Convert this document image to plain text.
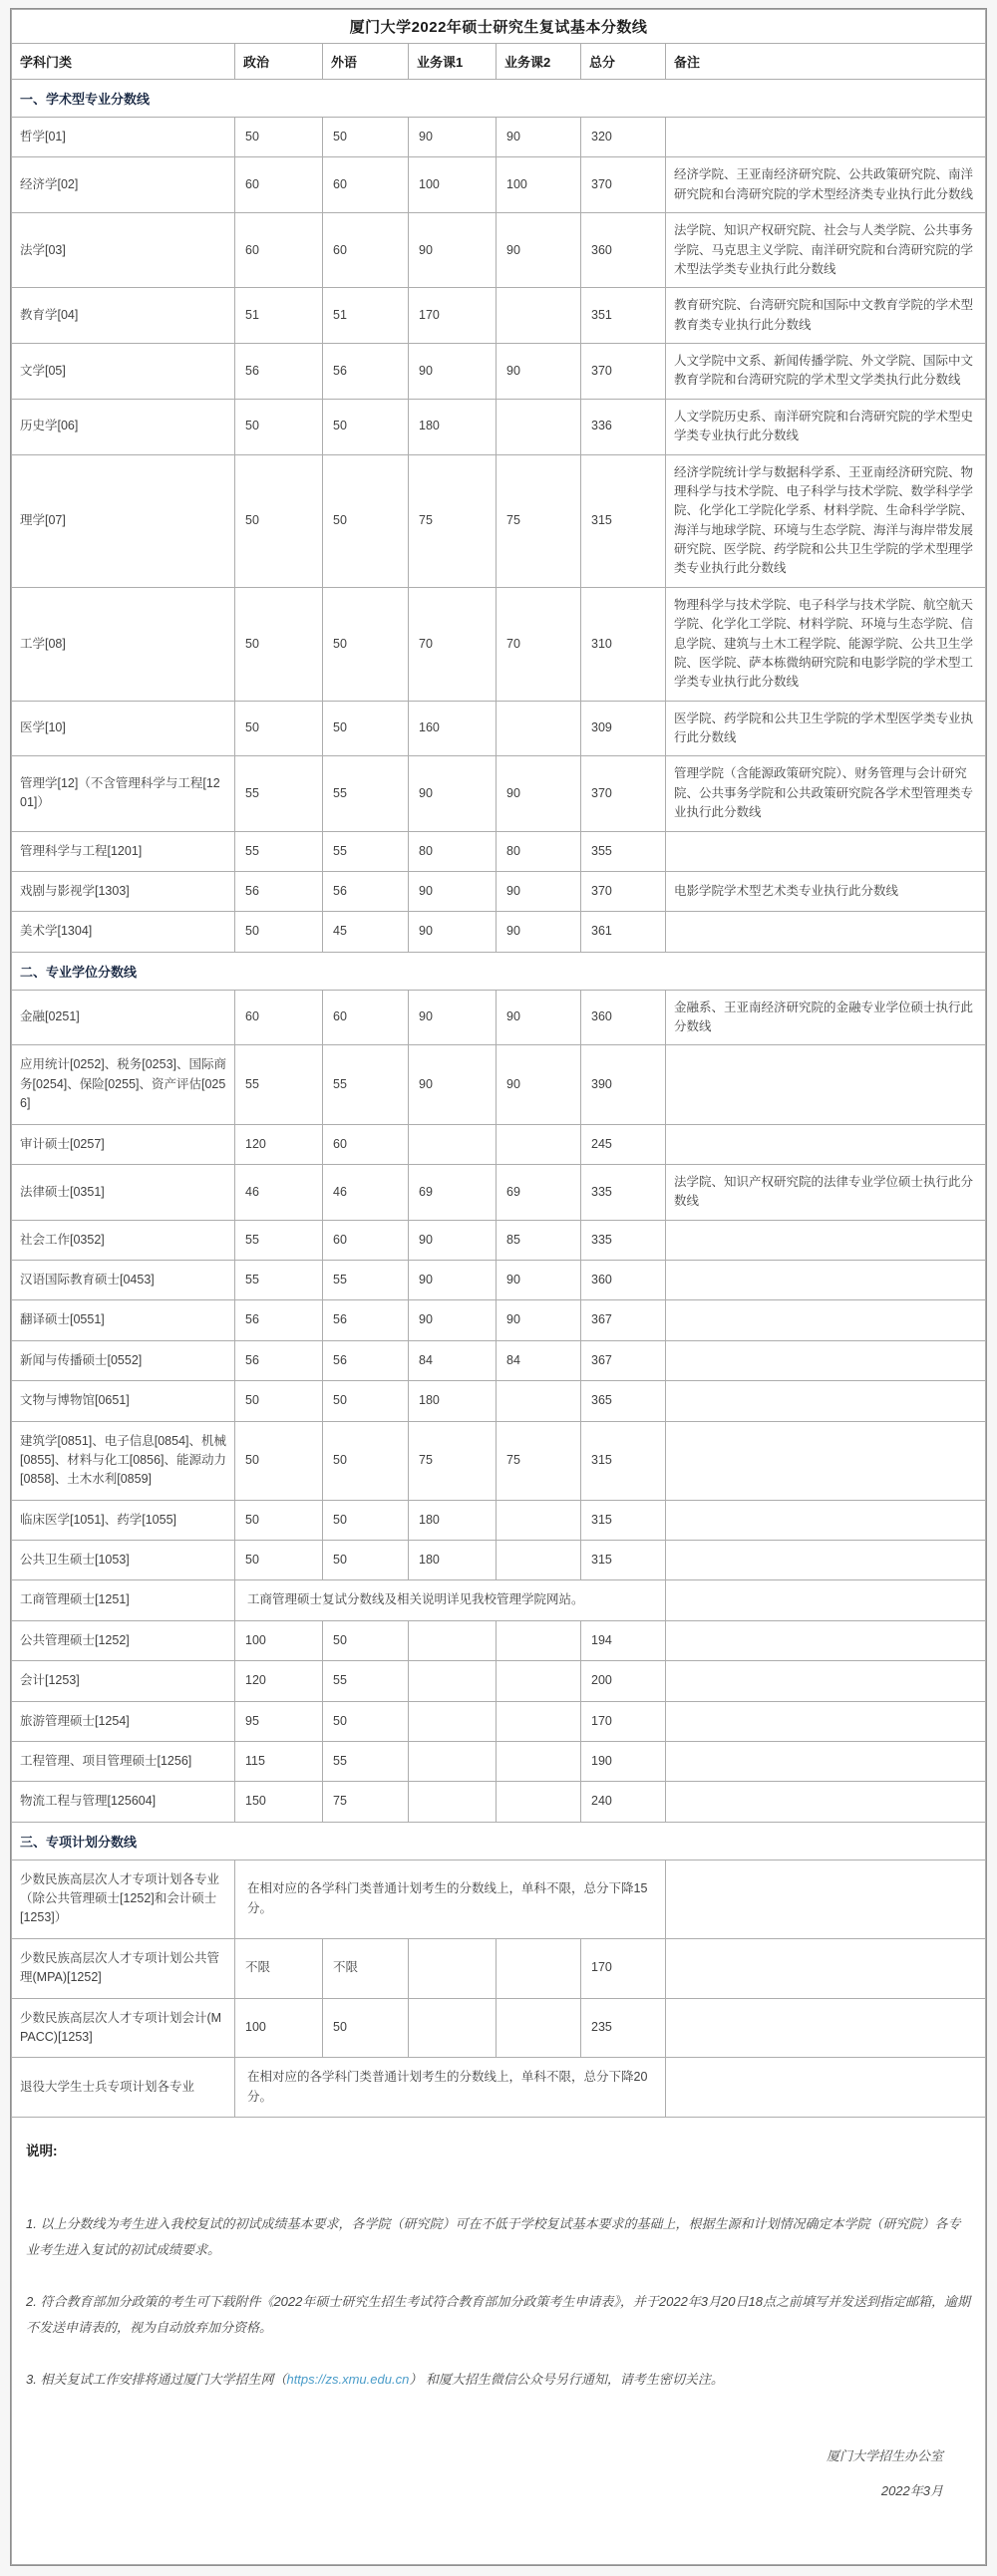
厦门大学2022年硕士研究生复试基本分数线						
学科门类	政治	外语	业务课1	业务课2	总分	备注
一、学术型专业分数线						
哲学[01]	50	50	90	90	320	
经济学[02]	60	60	100	100	370	经济学院、王亚南经济研究院、公共政策研究院、南洋研究院和台湾研究院的学术型经济类专业执行此分数线
法学[03]	60	60	90	90	360	法学院、知识产权研究院、社会与人类学院、公共事务学院、马克思主义学院、南洋研究院和台湾研究院的学术型法学类专业执行此分数线
教育学[04]	51	51	170		351	教育研究院、台湾研究院和国际中文教育学院的学术型教育类专业执行此分数线
文学[05]	56	56	90	90	370	人文学院中文系、新闻传播学院、外文学院、国际中文教育学院和台湾研究院的学术型文学类执行此分数线
历史学[06]	50	50	180		336	人文学院历史系、南洋研究院和台湾研究院的学术型史学类专业执行此分数线
理学[07]	50	50	75	75	315	经济学院统计学与数据科学系、王亚南经济研究院、物理科学与技术学院、电子科学与技术学院、数学科学学院、化学化工学院化学系、材料学院、生命科学学院、海洋与地球学院、环境与生态学院、海洋与海岸带发展研究院、医学院、药学院和公共卫生学院的学术型理学类专业执行此分数线
工学[08]	50	50	70	70	310	物理科学与技术学院、电子科学与技术学院、航空航天学院、化学化工学院、材料学院、环境与生态学院、信息学院、建筑与土木工程学院、能源学院、公共卫生学院、医学院、萨本栋微纳研究院和电影学院的学术型工学类专业执行此分数线
医学[10]	50	50	160		309	医学院、药学院和公共卫生学院的学术型医学类专业执行此分数线
管理学[12]（不含管理科学与工程[1201]）	55	55	90	90	370	管理学院（含能源政策研究院）、财务管理与会计研究院、公共事务学院和公共政策研究院各学术型管理类专业执行此分数线
管理科学与工程[1201]	55	55	80	80	355	
戏剧与影视学[1303]	56	56	90	90	370	电影学院学术型艺术类专业执行此分数线
美术学[1304]	50	45	90	90	361	
二、专业学位分数线						
金融[0251]	60	60	90	90	360	金融系、王亚南经济研究院的金融专业学位硕士执行此分数线
应用统计[0252]、税务[0253]、国际商务[0254]、保险[0255]、资产评估[0256]	55	55	90	90	390	
审计硕士[0257]	120	60			245	
法律硕士[0351]	46	46	69	69	335	法学院、知识产权研究院的法律专业学位硕士执行此分数线
社会工作[0352]	55	60	90	85	335	
汉语国际教育硕士[0453]	55	55	90	90	360	
翻译硕士[0551]	56	56	90	90	367	
新闻与传播硕士[0552]	56	56	84	84	367	
文物与博物馆[0651]	50	50	180		365	
建筑学[0851]、电子信息[0854]、机械[0855]、材料与化工[0856]、能源动力[0858]、土木水利[0859]	50	50	75	75	315	
临床医学[1051]、药学[1055]	50	50	180		315	
公共卫生硕士[1053]	50	50	180		315	
工商管理硕士[1251]	工商管理硕士复试分数线及相关说明详见我校管理学院网站。					
公共管理硕士[1252]	100	50			194	
会计[1253]	120	55			200	
旅游管理硕士[1254]	95	50			170	
工程管理、项目管理硕士[1256]	115	55			190	
物流工程与管理[125604]	150	75			240	
三、专项计划分数线						
少数民族高层次人才专项计划各专业（除公共管理硕士[1252]和会计硕士[1253]）	在相对应的各学科门类普通计划考生的分数线上，单科不限，总分下降15分。					
少数民族高层次人才专项计划公共管理(MPA)[1252]	不限	不限			170	
少数民族高层次人才专项计划会计(MPACC)[1253]	100	50			235	
退役大学生士兵专项计划各专业	在相对应的各学科门类普通计划考生的分数线上，单科不限，总分下降20分。					

说明:

1. 以上分数线为考生进入我校复试的初试成绩基本要求，各学院（研究院）可在不低于学校复试基本要求的基础上，根据生源和计划情况确定本学院（研究院）各专业考生进入复试的初试成绩要求。

2. 符合教育部加分政策的考生可下载附件《2022年硕士研究生招生考试符合教育部加分政策考生申请表》，并于2022年3月20日18点之前填写并发送到指定邮箱，逾期不发送申请表的，视为自动放弃加分资格。

3. 相关复试工作安排将通过厦门大学招生网（https://zs.xmu.edu.cn） 和厦大招生微信公众号另行通知，请考生密切关注。

厦门大学招生办公室
2022年3月
